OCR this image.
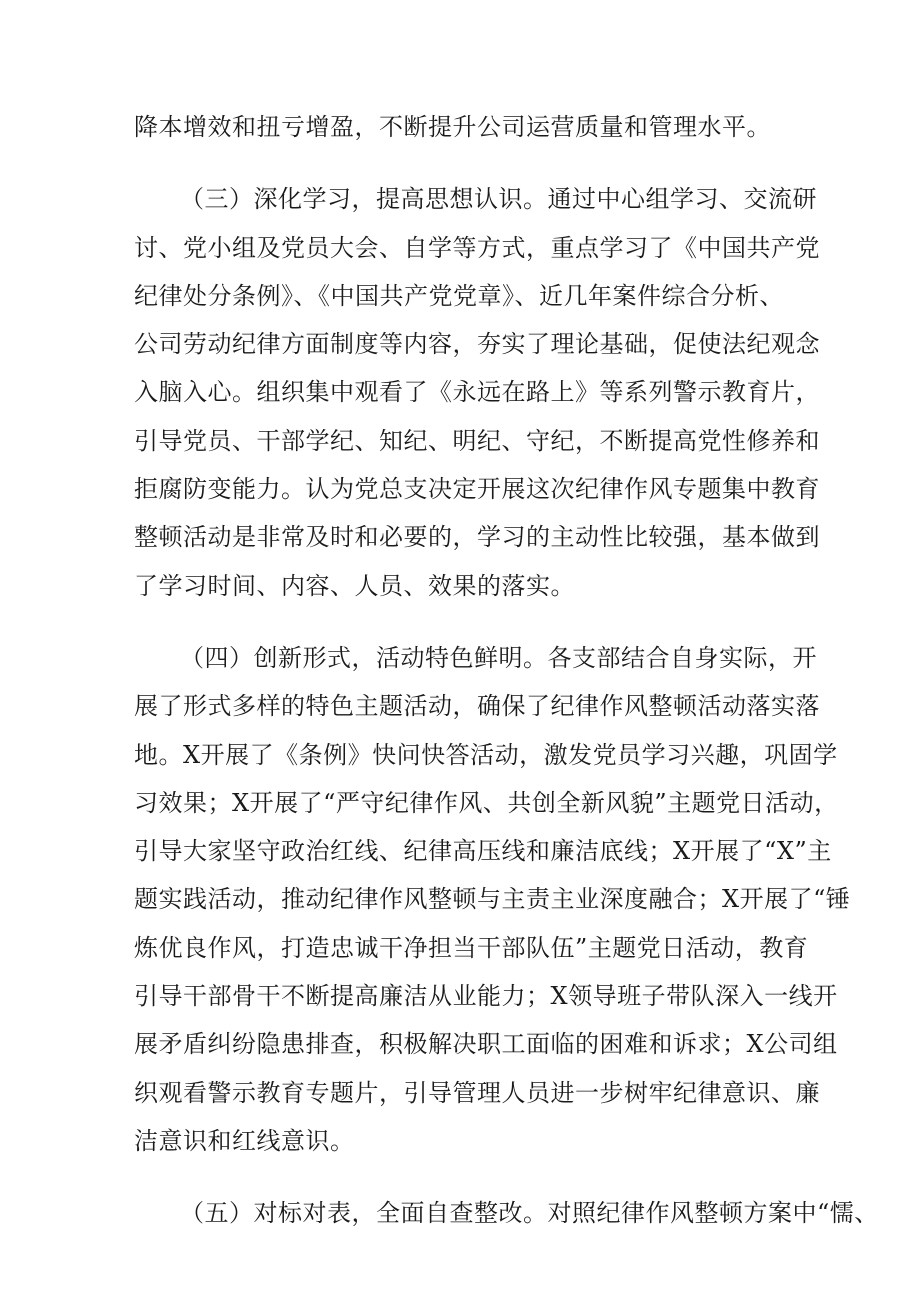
降本增效和扭亏增盈，不断提升公司运营质量和管理水平。
（三）深化学习，提高思想认识。通过中心组学习、交流研
讨、党小组及党员大会、自学等方式，重点学习了《中国共产党
纪律处分条例》、《中国共产党党章》、近几年案件综合分析、
公司劳动纪律方面制度等内容，夯实了理论基础，促使法纪观念
入脑入心。组织集中观看了《永远在路上》等系列警示教育片，
引导党员、干部学纪、知纪、明纪、守纪，不断提高党性修养和
拒腐防变能力。认为党总支决定开展这次纪律作风专题集中教育
整顿活动是非常及时和必要的，学习的主动性比较强，基本做到
了学习时间、内容、人员、效果的落实。
（四）创新形式，活动特色鲜明。各支部结合自身实际，开
展了形式多样的特色主题活动，确保了纪律作风整顿活动落实落
地。X开展了《条例》快问快答活动，激发党员学习兴趣，巩固学
习效果；X开展了“严守纪律作风、共创全新风貌”主题党日活动，
引导大家坚守政治红线、纪律高压线和廉洁底线；X开展了“X”主
题实践活动，推动纪律作风整顿与主责主业深度融合；X开展了“锤
炼优良作风，打造忠诚干净担当干部队伍”主题党日活动，教育
引导干部骨干不断提高廉洁从业能力；X领导班子带队深入一线开
展矛盾纠纷隐患排查，积极解决职工面临的困难和诉求；X公司组
织观看警示教育专题片，引导管理人员进一步树牢纪律意识、廉
洁意识和红线意识。
（五）对标对表，全面自查整改。对照纪律作风整顿方案中“懦、
